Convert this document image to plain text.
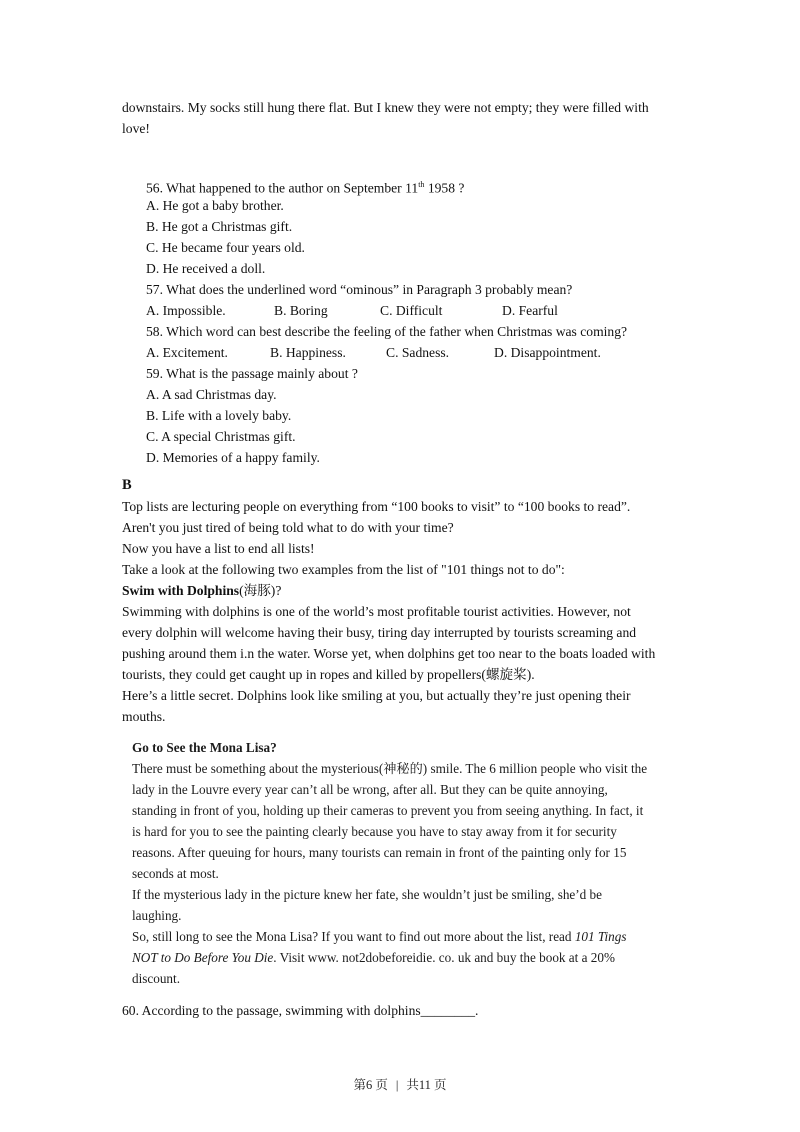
downstairs. My socks still hung there flat. But I knew they were not empty; they were filled with
love!
56. What happened to the author on September 11th 1958 ?
A. He got a baby brother.
B. He got a Christmas gift.
C. He became four years old.
D. He received a doll.
57. What does the underlined word “ominous” in Paragraph 3 probably mean?
A. Impossible.	B. Boring	C. Difficult	D. Fearful
58. Which word can best describe the feeling of the father when Christmas was coming?
A. Excitement.	B. Happiness.	C. Sadness.	D. Disappointment.
59. What is the passage mainly about ?
A. A sad Christmas day.
B. Life with a lovely baby.
C. A special Christmas gift.
D. Memories of a happy family.
B
Top lists are lecturing people on everything from “100 books to visit” to “100 books to read”.
Aren't you just tired of being told what to do with your time?
Now you have a list to end all lists!
Take a look at the following two examples from the list of "101 things not to do":
Swim with Dolphins(海豚)?
Swimming with dolphins is one of the world’s most profitable tourist activities. However, not
every dolphin will welcome having their busy, tiring day interrupted by tourists screaming and
pushing around them i.n the water. Worse yet, when dolphins get too near to the boats loaded with
tourists, they could get caught up in ropes and killed by propellers(螺旋桨).
Here’s a little secret. Dolphins look like smiling at you, but actually they’re just opening their
mouths.
Go to See the Mona Lisa?
There must be something about the mysterious(神秘的) smile. The 6 million people who visit the
lady in the Louvre every year can’t all be wrong, after all. But they can be quite annoying,
standing in front of you, holding up their cameras to prevent you from seeing anything. In fact, it
is hard for you to see the painting clearly because you have to stay away from it for security
reasons. After queuing for hours, many tourists can remain in front of the painting only for 15
seconds at most.
If the mysterious lady in the picture knew her fate, she wouldn’t just be smiling, she’d be
laughing.
So, still long to see the Mona Lisa? If you want to find out more about the list, read 101 Tings
NOT to Do Before You Die. Visit www. not2dobeforeidie. co. uk and buy the book at a 20%
discount.
60. According to the passage, swimming with dolphins________.
第6 页 | 共11 页
